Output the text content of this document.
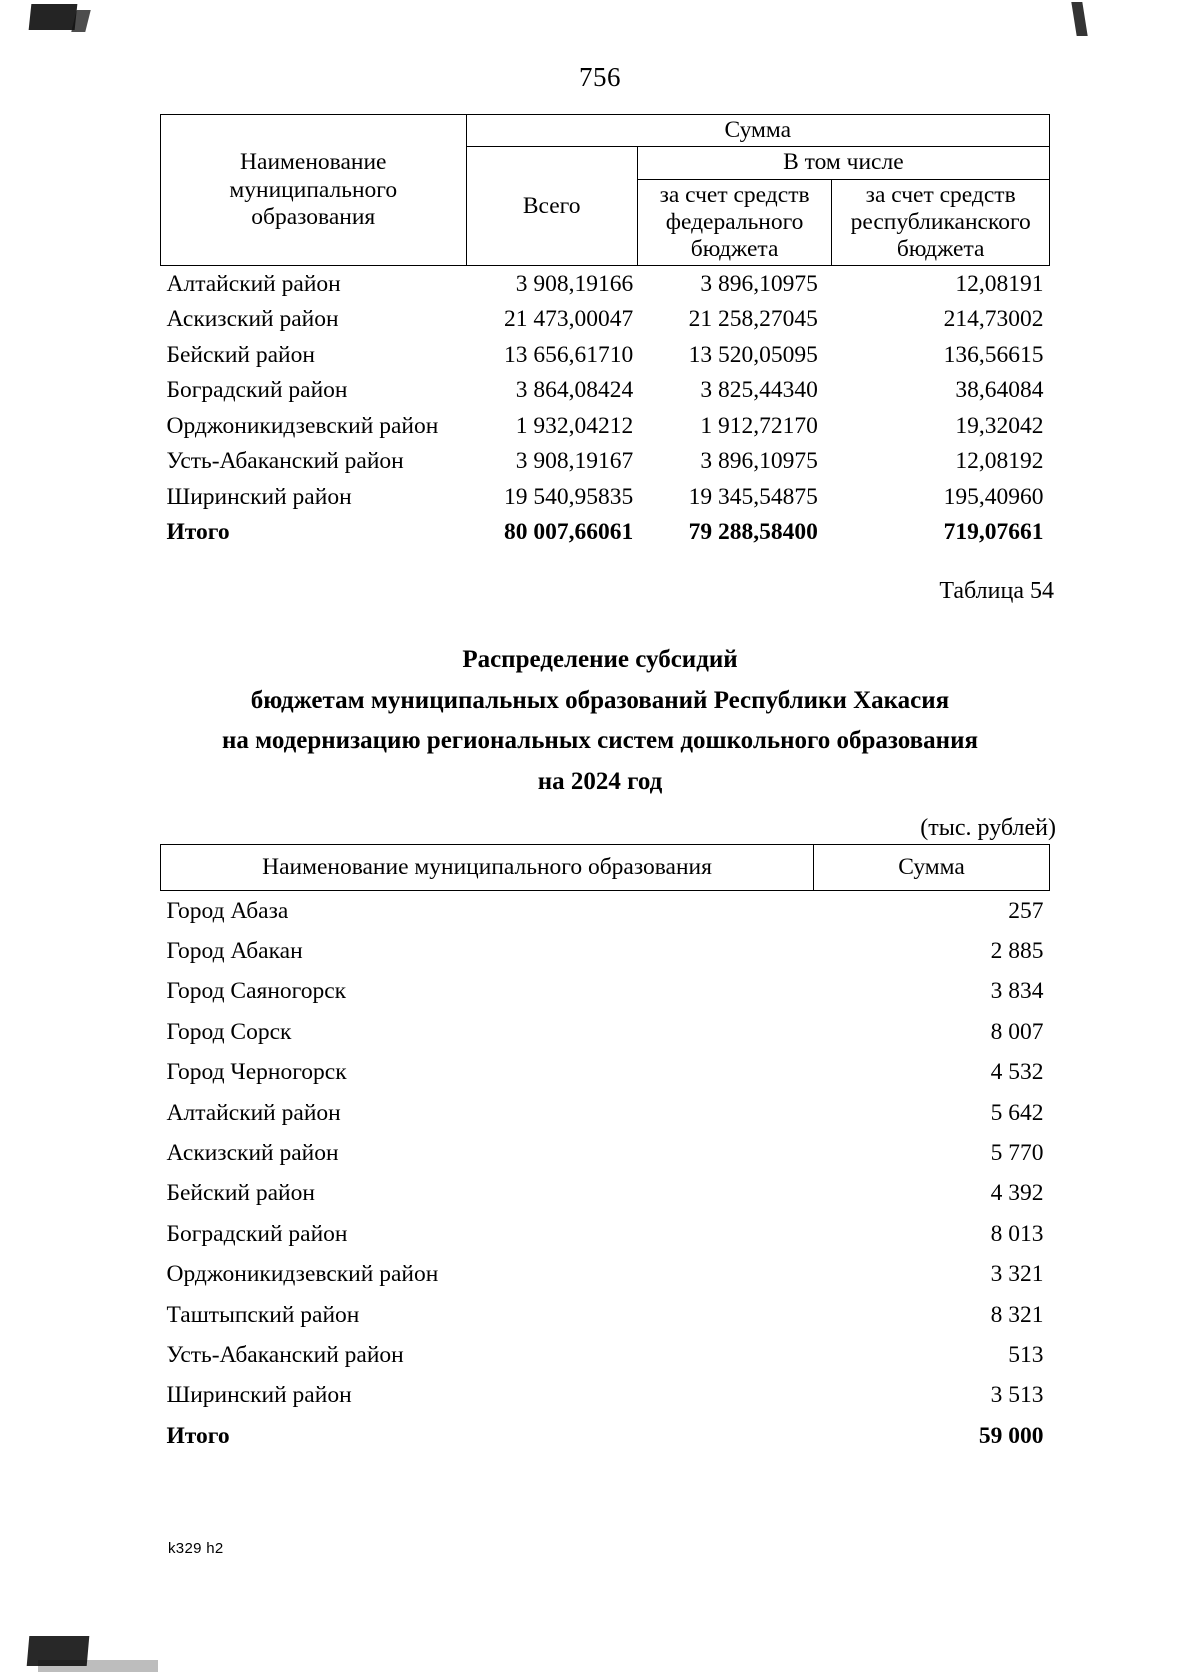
756
Наименование муниципального образования	Сумма		
	Всего	В том числе	
		за счет средств федерального бюджета	за счет средств республиканского бюджета
Алтайский район	3 908,19166	3 896,10975	12,08191
Аскизский район	21 473,00047	21 258,27045	214,73002
Бейский район	13 656,61710	13 520,05095	136,56615
Боградский район	3 864,08424	3 825,44340	38,64084
Орджоникидзевский район	1 932,04212	1 912,72170	19,32042
Усть-Абаканский район	3 908,19167	3 896,10975	12,08192
Ширинский район	19 540,95835	19 345,54875	195,40960
Итого	80 007,66061	79 288,58400	719,07661
Таблица 54
Распределение субсидий
бюджетам муниципальных образований Республики Хакасия
на модернизацию региональных систем дошкольного образования
на 2024 год
(тыс. рублей)
Наименование муниципального образования	Сумма
Город Абаза	257
Город Абакан	2 885
Город Саяногорск	3 834
Город Сорск	8 007
Город Черногорск	4 532
Алтайский район	5 642
Аскизский район	5 770
Бейский район	4 392
Боградский район	8 013
Орджоникидзевский район	3 321
Таштыпский район	8 321
Усть-Абаканский район	513
Ширинский район	3 513
Итого	59 000
k329 h2
